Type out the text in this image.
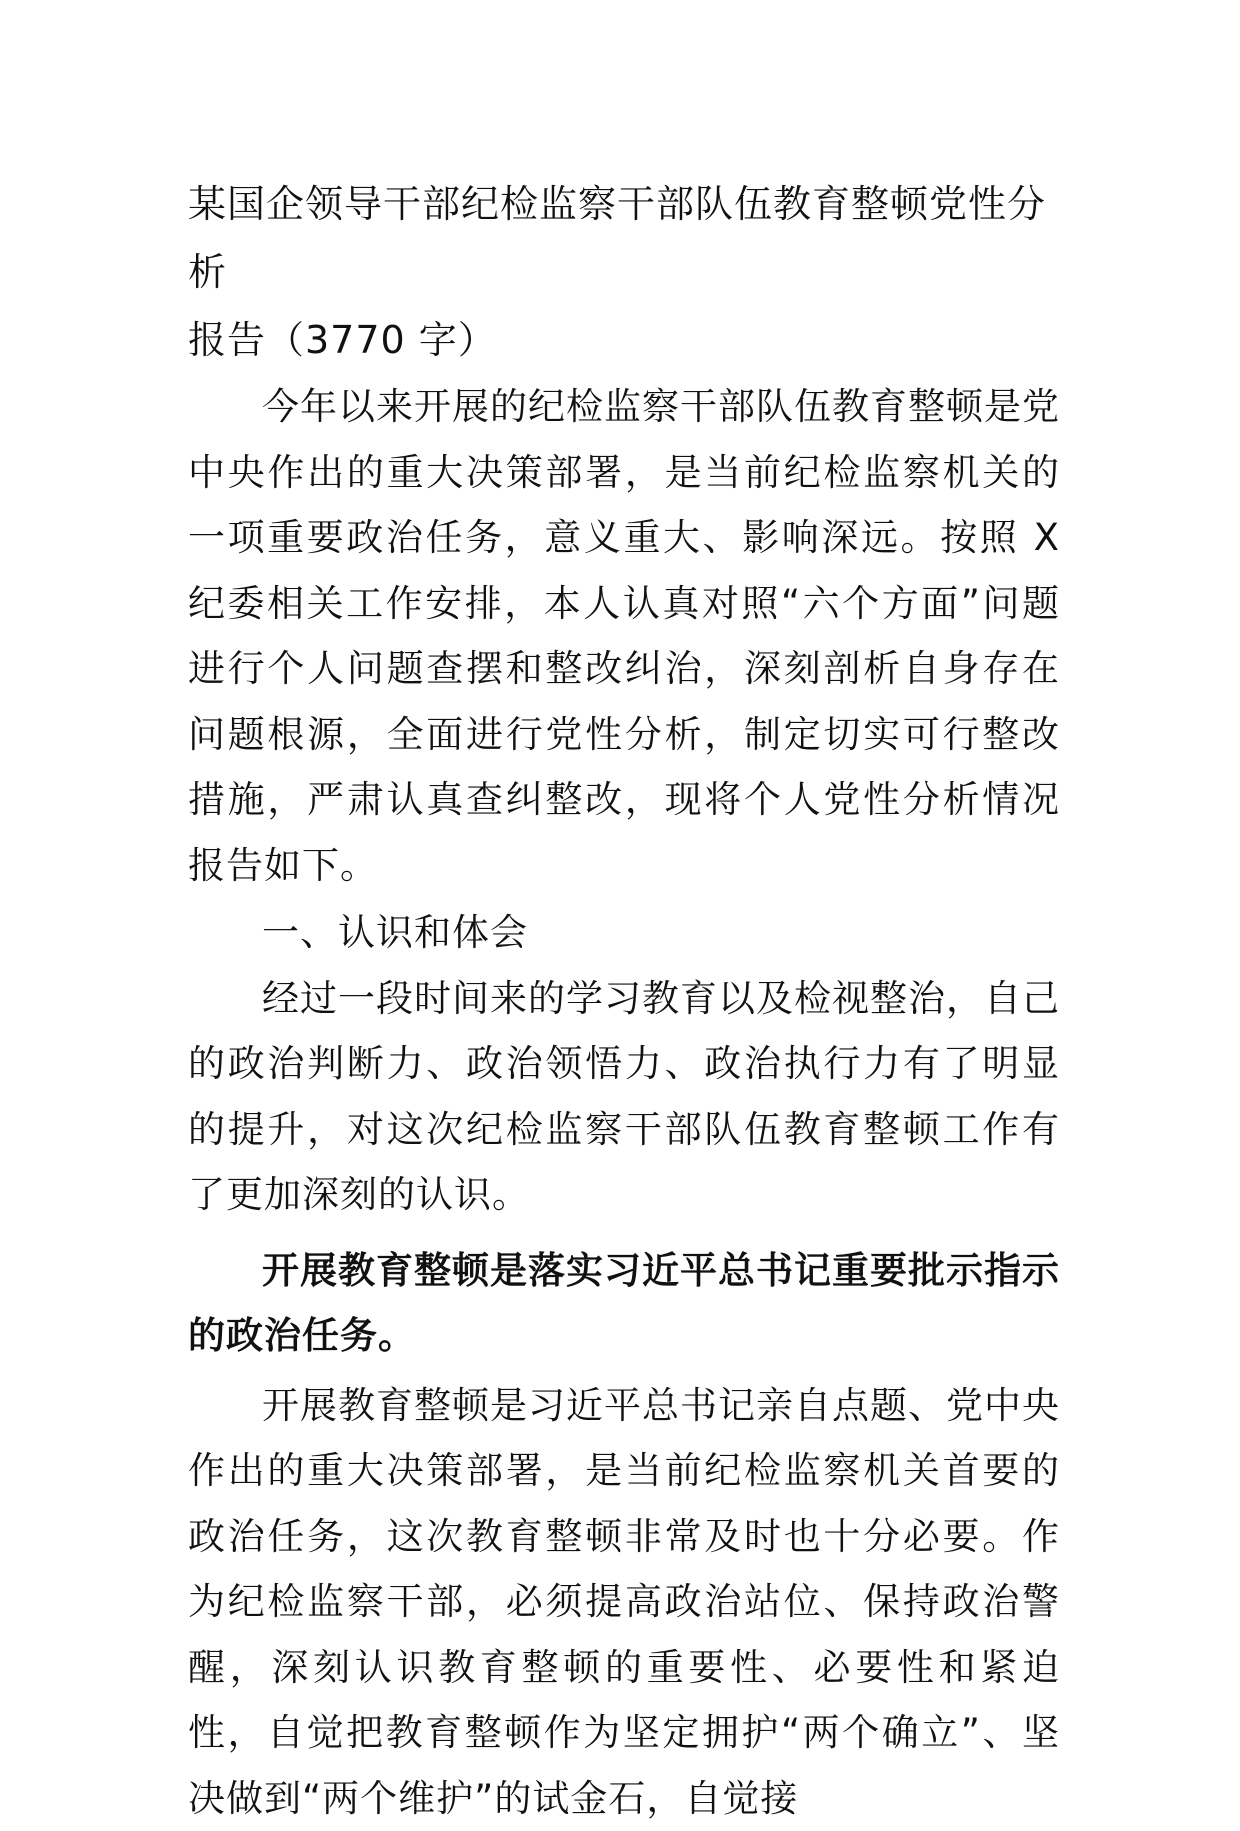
某国企领导干部纪检监察干部队伍教育整顿党性分析
报告（3770 字）

今年以来开展的纪检监察干部队伍教育整顿是党中央作出的重大决策部署，是当前纪检监察机关的一项重要政治任务，意义重大、影响深远。按照 X 纪委相关工作安排，本人认真对照“六个方面”问题进行个人问题查摆和整改纠治，深刻剖析自身存在问题根源，全面进行党性分析，制定切实可行整改措施，严肃认真查纠整改，现将个人党性分析情况报告如下。

一、认识和体会

经过一段时间来的学习教育以及检视整治，自己的政治判断力、政治领悟力、政治执行力有了明显的提升，对这次纪检监察干部队伍教育整顿工作有了更加深刻的认识。

开展教育整顿是落实习近平总书记重要批示指示的政治任务。

开展教育整顿是习近平总书记亲自点题、党中央作出的重大决策部署，是当前纪检监察机关首要的政治任务，这次教育整顿非常及时也十分必要。作为纪检监察干部，必须提高政治站位、保持政治警醒，深刻认识教育整顿的重要性、必要性和紧迫性，自觉把教育整顿作为坚定拥护“两个确立”、坚决做到“两个维护”的试金石，自觉接
